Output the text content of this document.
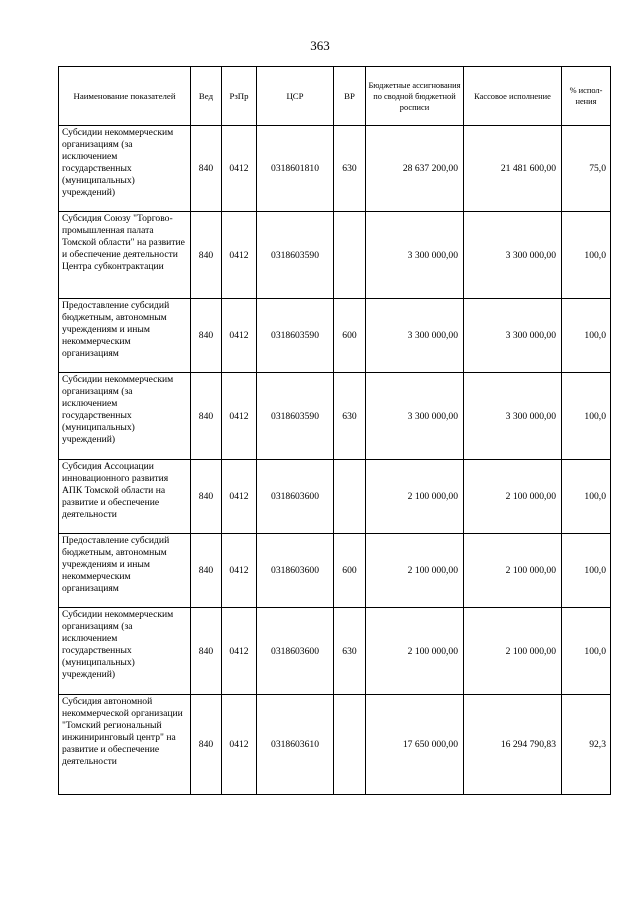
363
Наименование показателей	Вед	РзПр	ЦСР	ВР	Бюджетные ассигнования по сводной бюджетной росписи	Кассовое исполнение	% испол-нения
Субсидии некоммерческим организациям (за исключением государственных (муниципальных) учреждений)	840	0412	0318601810	630	28 637 200,00	21 481 600,00	75,0
Субсидия Союзу "Торгово-промышленная палата Томской области" на развитие и обеспечение деятельности Центра субконтрактации	840	0412	0318603590		3 300 000,00	3 300 000,00	100,0
Предоставление субсидий бюджетным, автономным учреждениям и иным некоммерческим организациям	840	0412	0318603590	600	3 300 000,00	3 300 000,00	100,0
Субсидии некоммерческим организациям (за исключением государственных (муниципальных) учреждений)	840	0412	0318603590	630	3 300 000,00	3 300 000,00	100,0
Субсидия Ассоциации инновационного развития АПК Томской области на развитие и обеспечение деятельности	840	0412	0318603600		2 100 000,00	2 100 000,00	100,0
Предоставление субсидий бюджетным, автономным учреждениям и иным некоммерческим организациям	840	0412	0318603600	600	2 100 000,00	2 100 000,00	100,0
Субсидии некоммерческим организациям (за исключением государственных (муниципальных) учреждений)	840	0412	0318603600	630	2 100 000,00	2 100 000,00	100,0
Субсидия автономной некоммерческой организации "Томский региональный инжиниринговый центр" на развитие и обеспечение деятельности	840	0412	0318603610		17 650 000,00	16 294 790,83	92,3
